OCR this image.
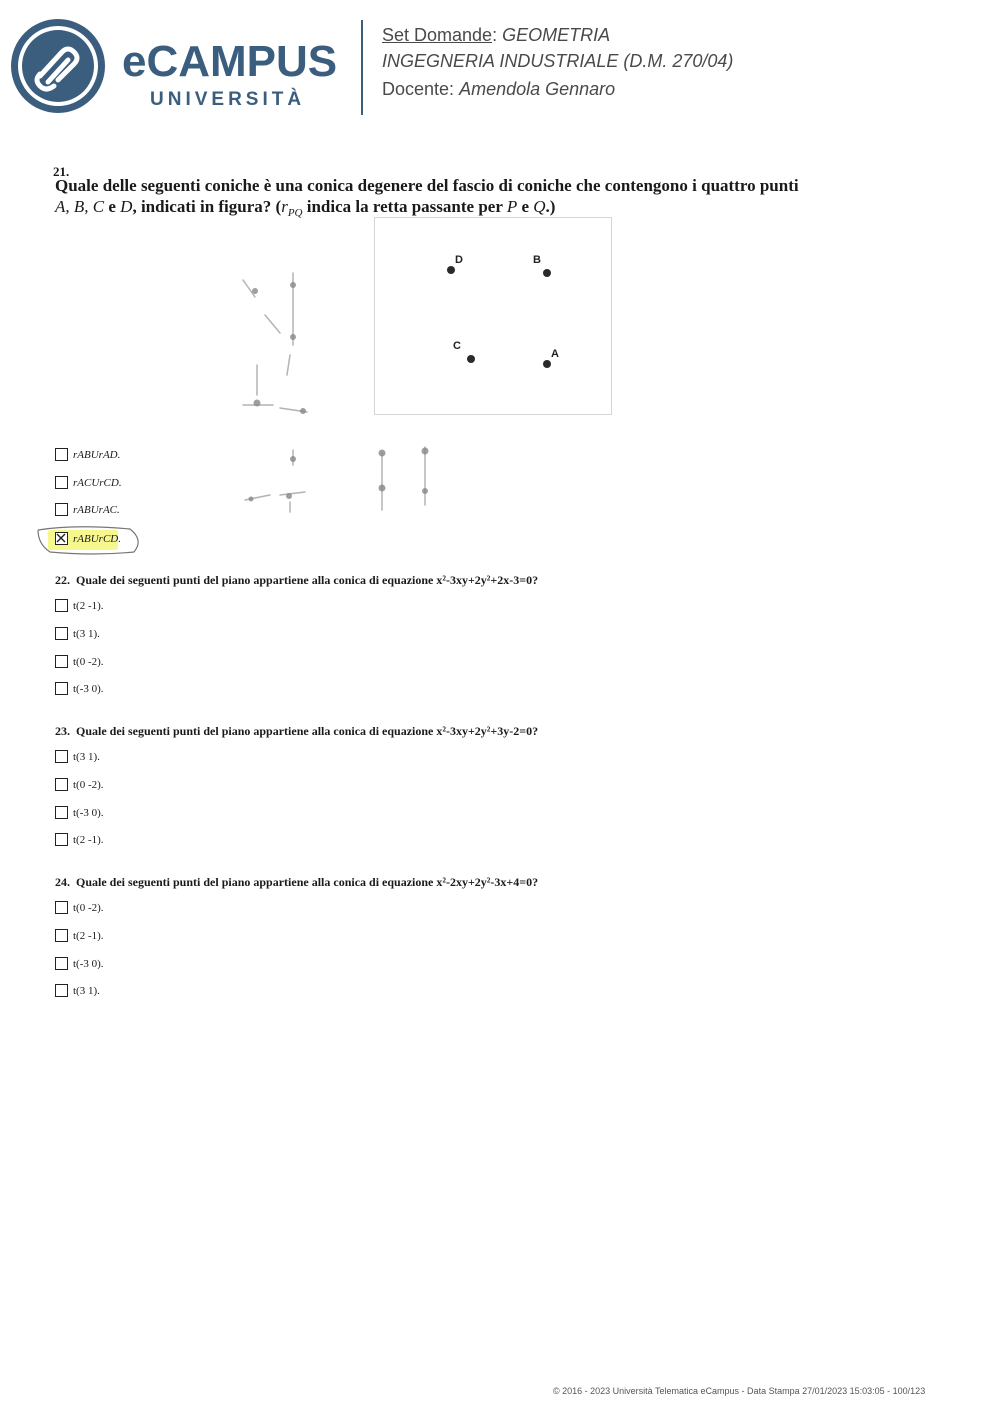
eCAMPUS
UNIVERSITÀ
Set Domande: GEOMETRIA
INGEGNERIA INDUSTRIALE (D.M. 270/04)
Docente: Amendola Gennaro
21.
Quale delle seguenti coniche è una conica degenere del fascio di coniche che contengono i quattro punti
A, B, C e D, indicati in figura? ($r_{PQ}$ indica la retta passante per P e Q.)
D	B
C
A
rABUrAD.
rACUrCD.
rABUrAC.
rABUrCD.
22. Quale dei seguenti punti del piano appartiene alla conica di equazione x²-3xy+2y²+2x-3=0?
t(2 -1).
t(3 1).
t(0 -2).
t(-3 0).
23. Quale dei seguenti punti del piano appartiene alla conica di equazione x²-3xy+2y²+3y-2=0?
t(3 1).
t(0 -2).
t(-3 0).
t(2 -1).
24. Quale dei seguenti punti del piano appartiene alla conica di equazione x²-2xy+2y²-3x+4=0?
t(0 -2).
t(2 -1).
t(-3 0).
t(3 1).
© 2016 - 2023 Università Telematica eCampus - Data Stampa 27/01/2023 15:03:05 - 100/123
